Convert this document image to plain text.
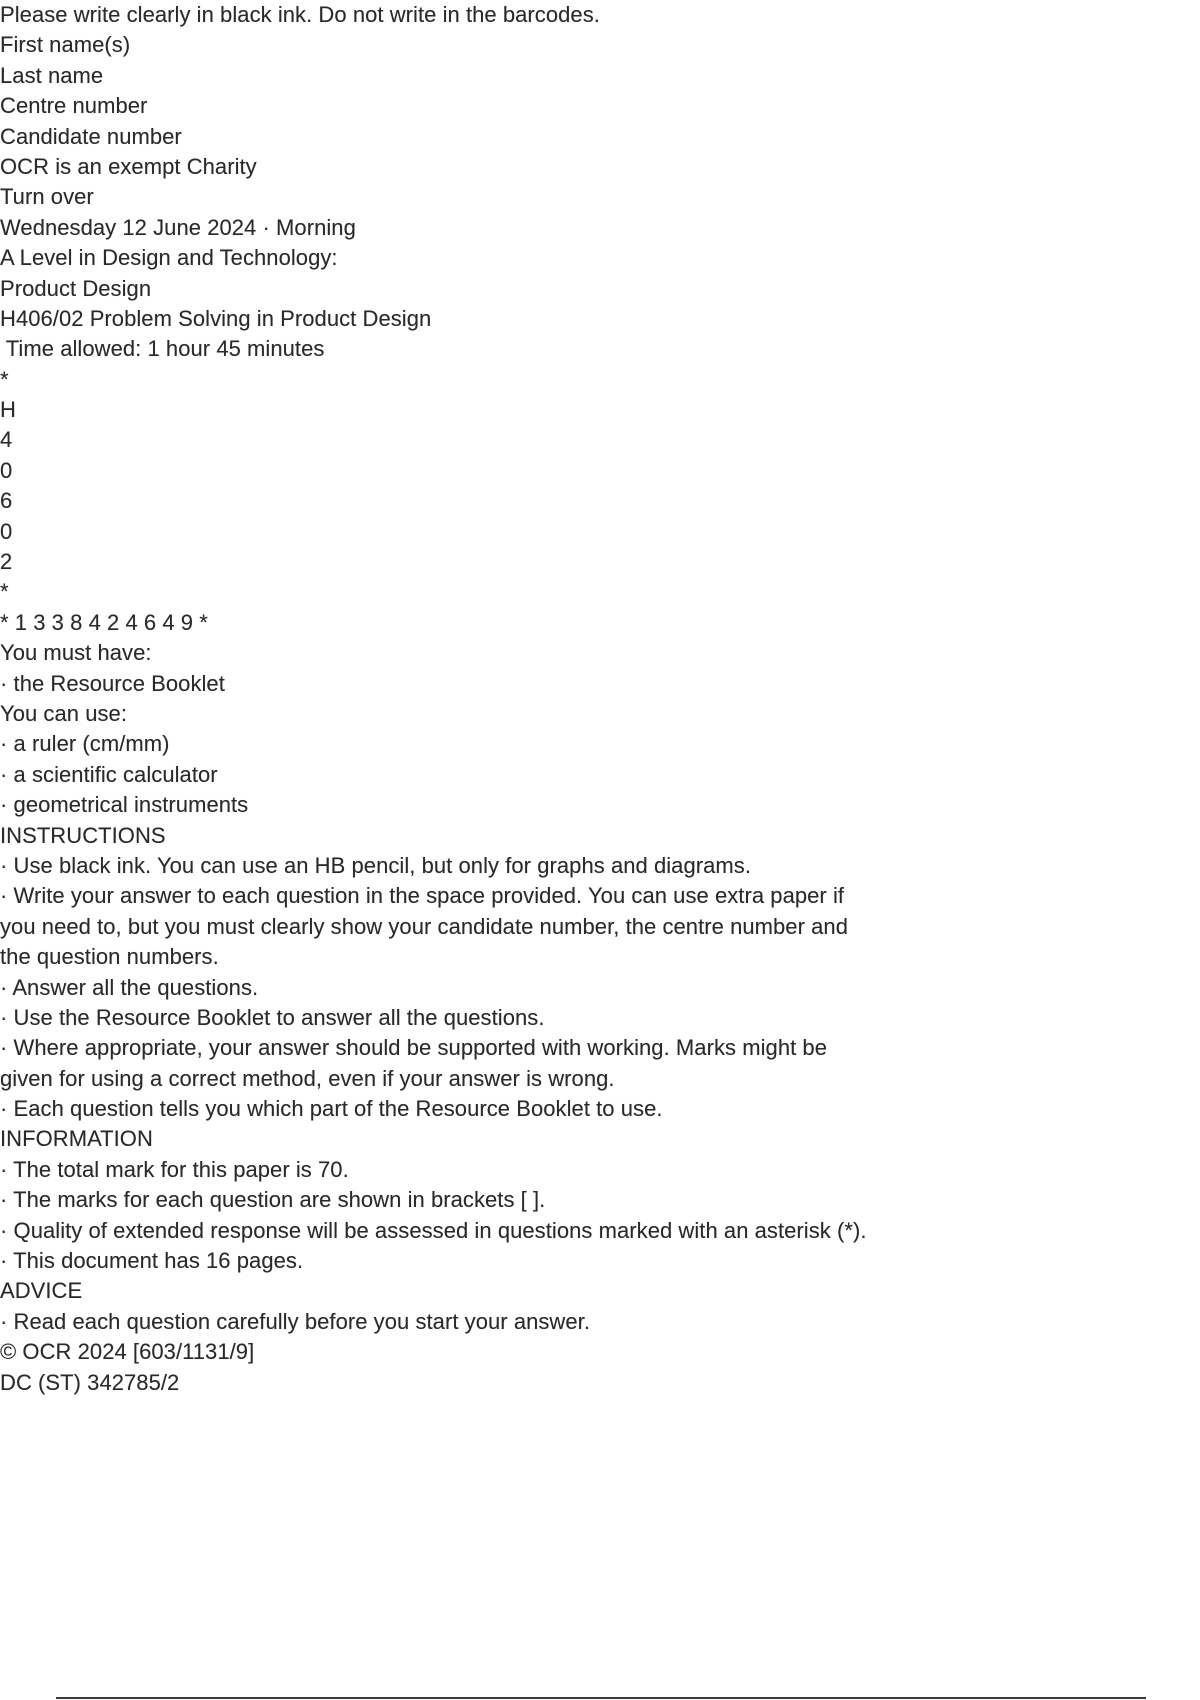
Please write clearly in black ink. Do not write in the barcodes.
First name(s)
Last name
Centre number
Candidate number
OCR is an exempt Charity
Turn over
Wednesday 12 June 2024 · Morning
A Level in Design and Technology:
Product Design
H406/02 Problem Solving in Product Design
Time allowed: 1 hour 45 minutes
*
H
4
0
6
0
2
*
* 1 3 3 8 4 2 4 6 4 9 *
You must have:
· the Resource Booklet
You can use:
· a ruler (cm/mm)
· a scientific calculator
· geometrical instruments
INSTRUCTIONS
· Use black ink. You can use an HB pencil, but only for graphs and diagrams.
· Write your answer to each question in the space provided. You can use extra paper if
you need to, but you must clearly show your candidate number, the centre number and
the question numbers.
· Answer all the questions.
· Use the Resource Booklet to answer all the questions.
· Where appropriate, your answer should be supported with working. Marks might be
given for using a correct method, even if your answer is wrong.
· Each question tells you which part of the Resource Booklet to use.
INFORMATION
· The total mark for this paper is 70.
· The marks for each question are shown in brackets [ ].
· Quality of extended response will be assessed in questions marked with an asterisk (*).
· This document has 16 pages.
ADVICE
· Read each question carefully before you start your answer.
© OCR 2024 [603/1131/9]
DC (ST) 342785/2
